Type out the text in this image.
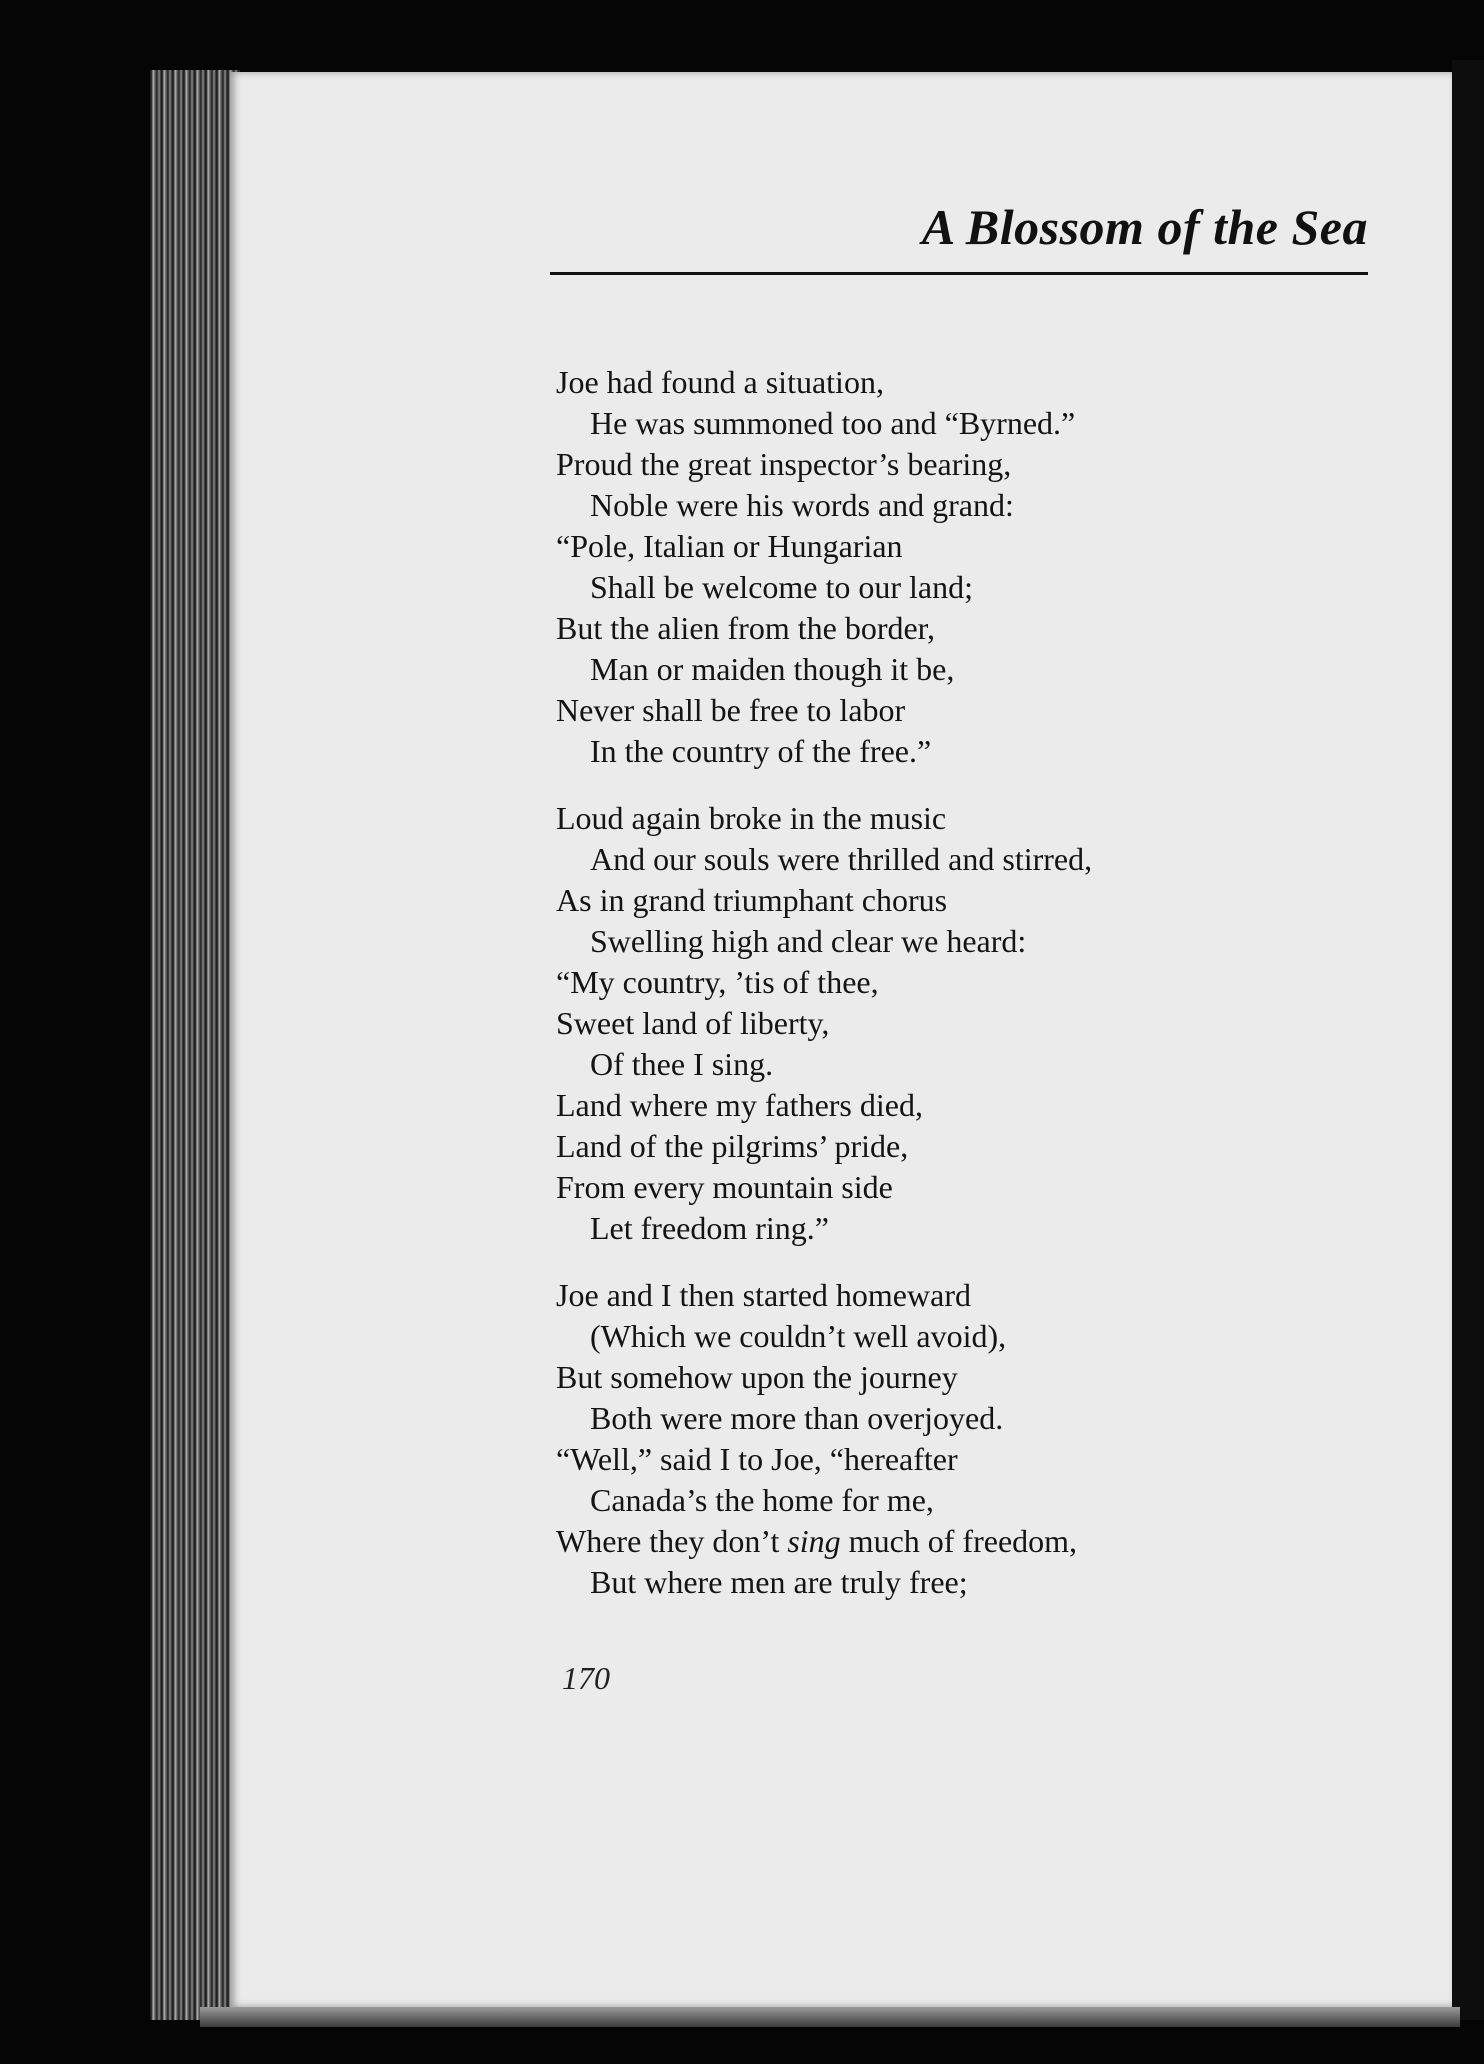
A Blossom of the Sea
Joe had found a situation,
He was summoned too and “Byrned.”
Proud the great inspector’s bearing,
Noble were his words and grand:
“Pole, Italian or Hungarian
Shall be welcome to our land;
But the alien from the border,
Man or maiden though it be,
Never shall be free to labor
In the country of the free.”
Loud again broke in the music
And our souls were thrilled and stirred,
As in grand triumphant chorus
Swelling high and clear we heard:
“My country, ’tis of thee,
Sweet land of liberty,
Of thee I sing.
Land where my fathers died,
Land of the pilgrims’ pride,
From every mountain side
Let freedom ring.”
Joe and I then started homeward
(Which we couldn’t well avoid),
But somehow upon the journey
Both were more than overjoyed.
“Well,” said I to Joe, “hereafter
Canada’s the home for me,
Where they don’t sing much of freedom,
But where men are truly free;
170
